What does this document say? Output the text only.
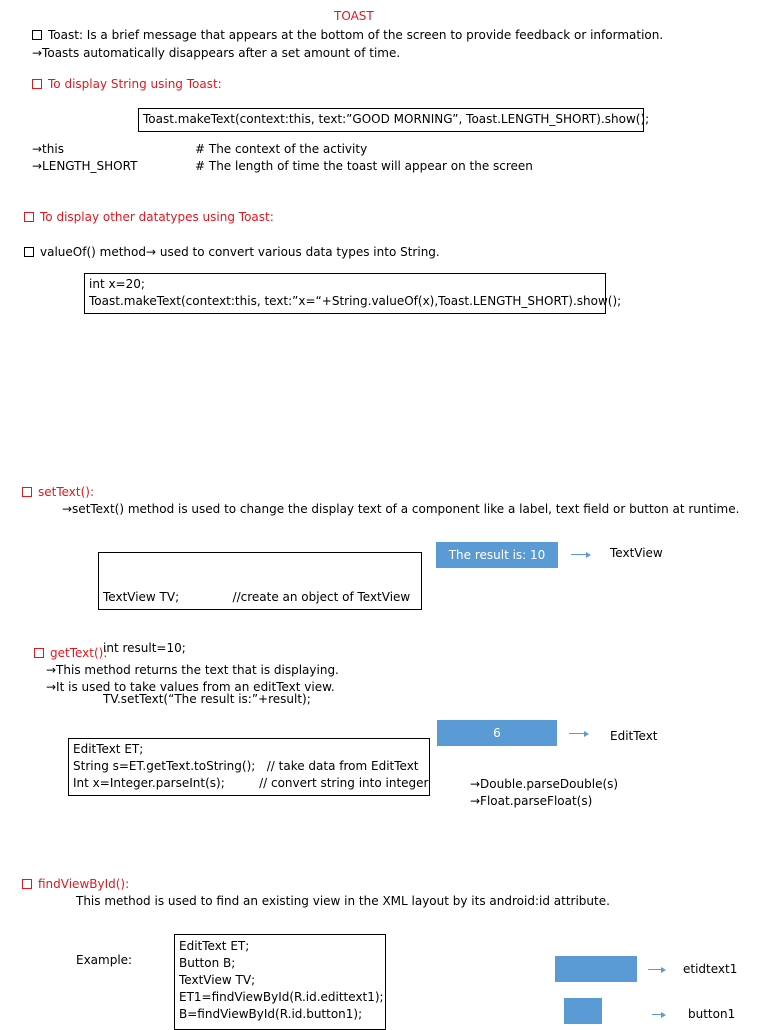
TOAST
Toast: Is a brief message that appears at the bottom of the screen to provide feedback or information.
→Toasts automatically disappears after a set amount of time.
To display String using Toast:
Toast.makeText(context:this, text:”GOOD MORNING”, Toast.LENGTH_SHORT).show();
→this	# The context of the activity
→LENGTH_SHORT	# The length of time the toast will appear on the screen
To display other datatypes using Toast:
valueOf() method→ used to convert various data types into String.
int x=20;
Toast.makeText(context:this, text:”x=“+String.valueOf(x),Toast.LENGTH_SHORT).show();
setText():
→setText() method is used to change the display text of a component like a label, text field or button at runtime.

TextView TV;              //create an object of TextView

int result=10;

TV.setText(“The result is:”+result);

The result is: 10	TextView
getText():
→This method returns the text that is displaying.
→It is used to take values from an editText view.
EditText ET;
String s=ET.getText.toString();   // take data from EditText
Int x=Integer.parseInt(s);         // convert string into integer
6	EditText
→Double.parseDouble(s)
→Float.parseFloat(s)
findViewById():
This method is used to find an existing view in the XML layout by its android:id attribute.
Example:
EditText ET;
Button B;
TextView TV;
ET1=findViewById(R.id.edittext1);
B=findViewById(R.id.button1);
etidtext1
button1
